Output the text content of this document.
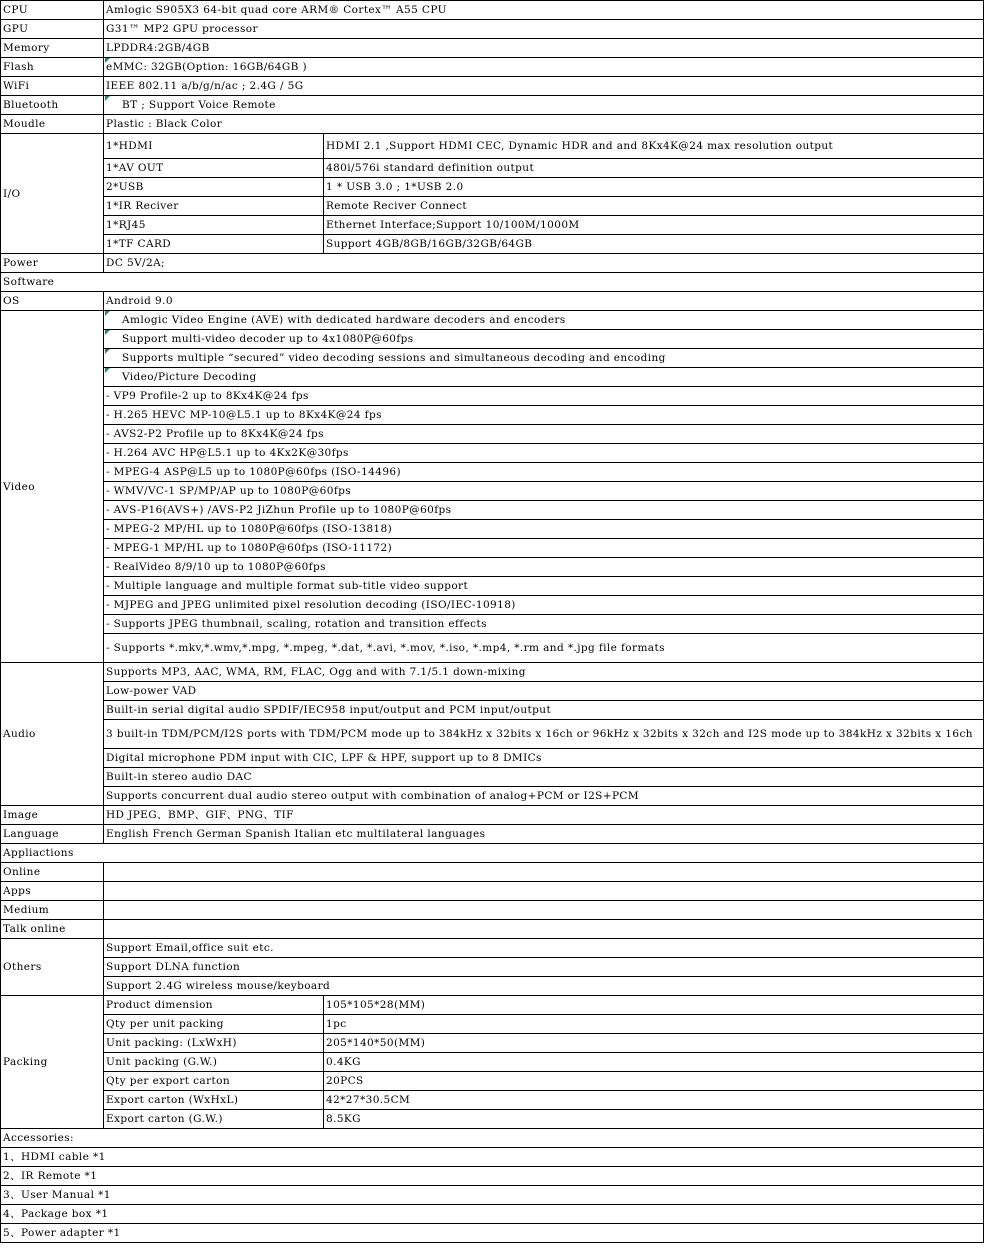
CPU	Amlogic S905X3 64-bit quad core ARM® Cortex™ A55 CPU	
GPU	G31™ MP2 GPU processor	
Memory	LPDDR4:2GB/4GB	
Flash	eMMC: 32GB(Option: 16GB/64GB )	
WiFi	IEEE 802.11 a/b/g/n/ac ; 2.4G / 5G	
Bluetooth	BT ; Support Voice Remote	
Moudle	Plastic : Black Color	
I/O	1*HDMI	HDMI 2.1 ,Support HDMI CEC, Dynamic HDR and and 8Kx4K@24 max resolution output
	1*AV OUT	480i/576i standard definition output
	2*USB	1 * USB 3.0 ; 1*USB 2.0
	1*IR Reciver	Remote Reciver Connect
	1*RJ45	Ethernet Interface;Support 10/100M/1000M
	1*TF CARD	Support 4GB/8GB/16GB/32GB/64GB
Power	DC 5V/2A;	
Software		
OS	Android 9.0	
Video	Amlogic Video Engine (AVE) with dedicated hardware decoders and encoders	
	Support multi-video decoder up to 4x1080P@60fps	
	Supports multiple “secured” video decoding sessions and simultaneous decoding and encoding	
	Video/Picture Decoding	
	- VP9 Profile-2 up to 8Kx4K@24 fps	
	- H.265 HEVC MP-10@L5.1 up to 8Kx4K@24 fps	
	- AVS2-P2 Profile up to 8Kx4K@24 fps	
	- H.264 AVC HP@L5.1 up to 4Kx2K@30fps	
	- MPEG-4 ASP@L5 up to 1080P@60fps (ISO-14496)	
	- WMV/VC-1 SP/MP/AP up to 1080P@60fps	
	- AVS-P16(AVS+) /AVS-P2 JiZhun Profile up to 1080P@60fps	
	- MPEG-2 MP/HL up to 1080P@60fps (ISO-13818)	
	- MPEG-1 MP/HL up to 1080P@60fps (ISO-11172)	
	- RealVideo 8/9/10 up to 1080P@60fps	
	- Multiple language and multiple format sub-title video support	
	- MJPEG and JPEG unlimited pixel resolution decoding (ISO/IEC-10918)	
	- Supports JPEG thumbnail, scaling, rotation and transition effects	
	- Supports *.mkv,*.wmv,*.mpg, *.mpeg, *.dat, *.avi, *.mov, *.iso, *.mp4, *.rm and *.jpg file formats	
Audio	Supports MP3, AAC, WMA, RM, FLAC, Ogg and with 7.1/5.1 down-mixing	
	Low-power VAD	
	Built-in serial digital audio SPDIF/IEC958 input/output and PCM input/output	
	3 built-in TDM/PCM/I2S ports with TDM/PCM mode up to 384kHz x 32bits x 16ch or 96kHz x 32bits x 32ch and I2S mode up to 384kHz x 32bits x 16ch	
	Digital microphone PDM input with CIC, LPF & HPF, support up to 8 DMICs	
	Built-in stereo audio DAC	
	Supports concurrent dual audio stereo output with combination of analog+PCM or I2S+PCM	
Image	HD JPEG、BMP、GIF、PNG、TIF	
Language	English French German Spanish Italian etc multilateral languages	
Appliactions		
Online		
Apps		
Medium		
Talk online		
Others	Support Email,office suit etc.	
	Support DLNA function	
	Support 2.4G wireless mouse/keyboard	
Packing	Product dimension	105*105*28(MM)
	Qty per unit packing	1pc
	Unit packing: (LxWxH)	205*140*50(MM)
	Unit packing (G.W.)	0.4KG
	Qty per export carton	20PCS
	Export carton (WxHxL)	42*27*30.5CM
	Export carton (G.W.)	8.5KG
Accessories:		
1、HDMI cable *1		
2、IR Remote *1		
3、User Manual *1		
4、Package box *1		
5、Power adapter *1		
